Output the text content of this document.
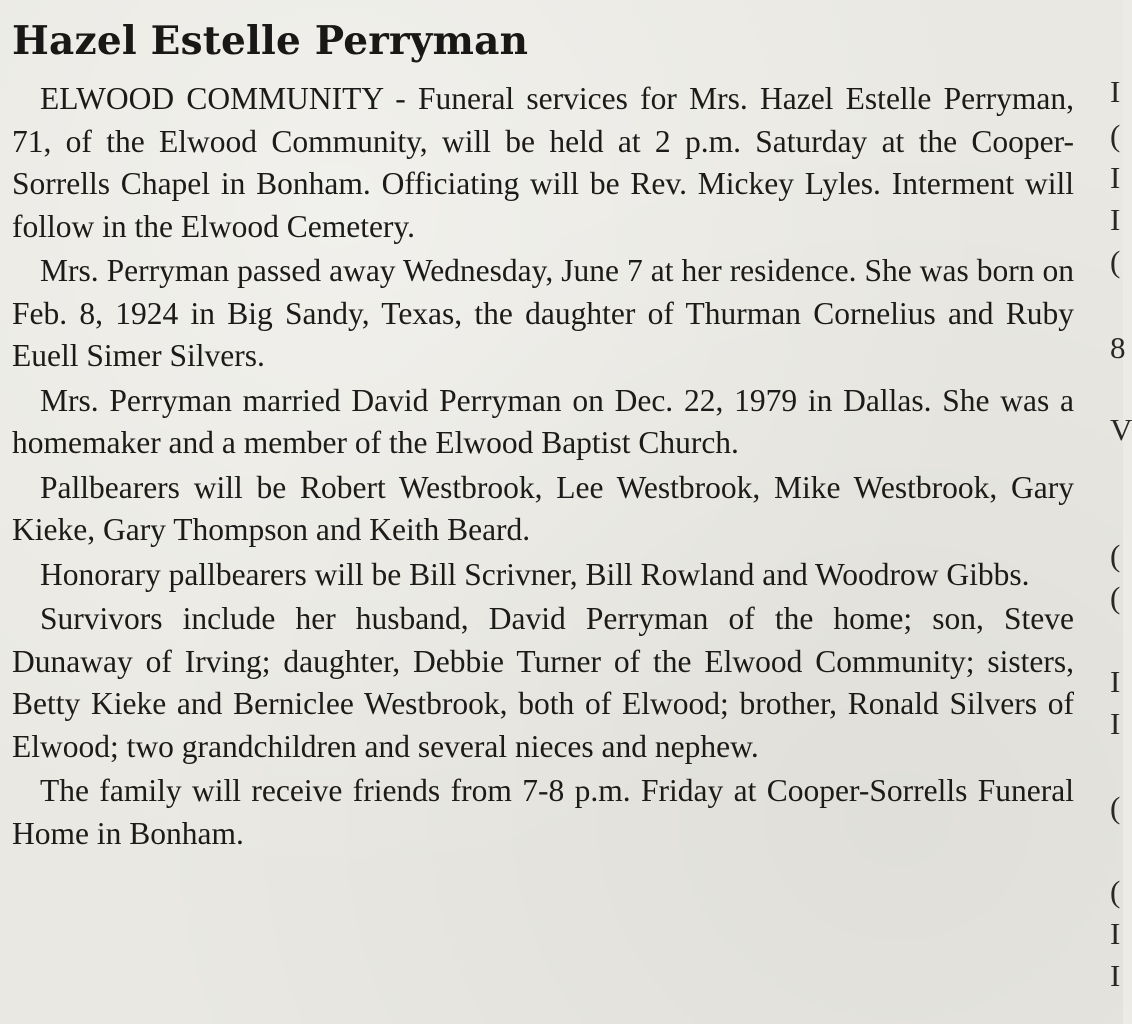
Hazel Estelle Perryman

ELWOOD COMMUNITY - Funeral services for Mrs. Hazel Estelle Perryman, 71, of the Elwood Community, will be held at 2 p.m. Saturday at the Cooper-Sorrells Chapel in Bonham. Officiating will be Rev. Mickey Lyles. Interment will follow in the Elwood Cemetery.

Mrs. Perryman passed away Wednesday, June 7 at her residence. She was born on Feb. 8, 1924 in Big Sandy, Texas, the daughter of Thurman Cornelius and Ruby Euell Simer Silvers.

Mrs. Perryman married David Perryman on Dec. 22, 1979 in Dallas. She was a homemaker and a member of the Elwood Baptist Church.

Pallbearers will be Robert Westbrook, Lee Westbrook, Mike Westbrook, Gary Kieke, Gary Thompson and Keith Beard.

Honorary pallbearers will be Bill Scrivner, Bill Rowland and Woodrow Gibbs.

Survivors include her husband, David Perryman of the home; son, Steve Dunaway of Irving; daughter, Debbie Turner of the Elwood Community; sisters, Betty Kieke and Berniclee Westbrook, both of Elwood; brother, Ronald Silvers of Elwood; two grandchildren and several nieces and nephew.

The family will receive friends from 7-8 p.m. Friday at Cooper-Sorrells Funeral Home in Bonham.

I
(
I
I
(
8
V
(
(
I
I
(
(
I
I
